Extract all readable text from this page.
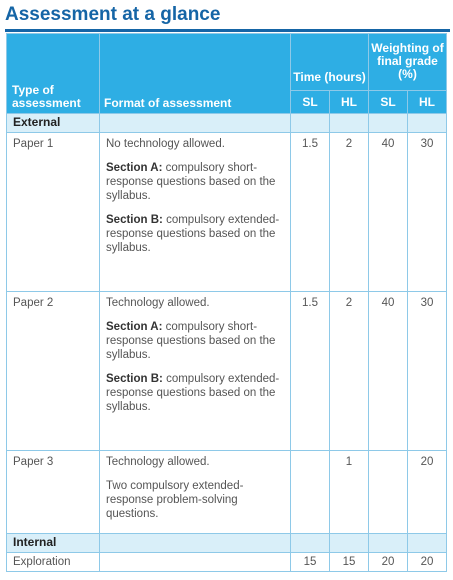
Assessment at a glance
Type of assessment	Format of assessment	Time (hours)		Weighting of final grade (%)	
		SL	HL	SL	HL
External					
Paper 1	No technology allowed.

Section A: compulsory short-response questions based on the syllabus.

Section B: compulsory extended-response questions based on the syllabus.	1.5	2	40	30
Paper 2	Technology allowed.

Section A: compulsory short-response questions based on the syllabus.

Section B: compulsory extended-response questions based on the syllabus.	1.5	2	40	30
Paper 3	Technology allowed.

Two compulsory extended-response problem-solving questions.		1		20
Internal					
Exploration		15	15	20	20
